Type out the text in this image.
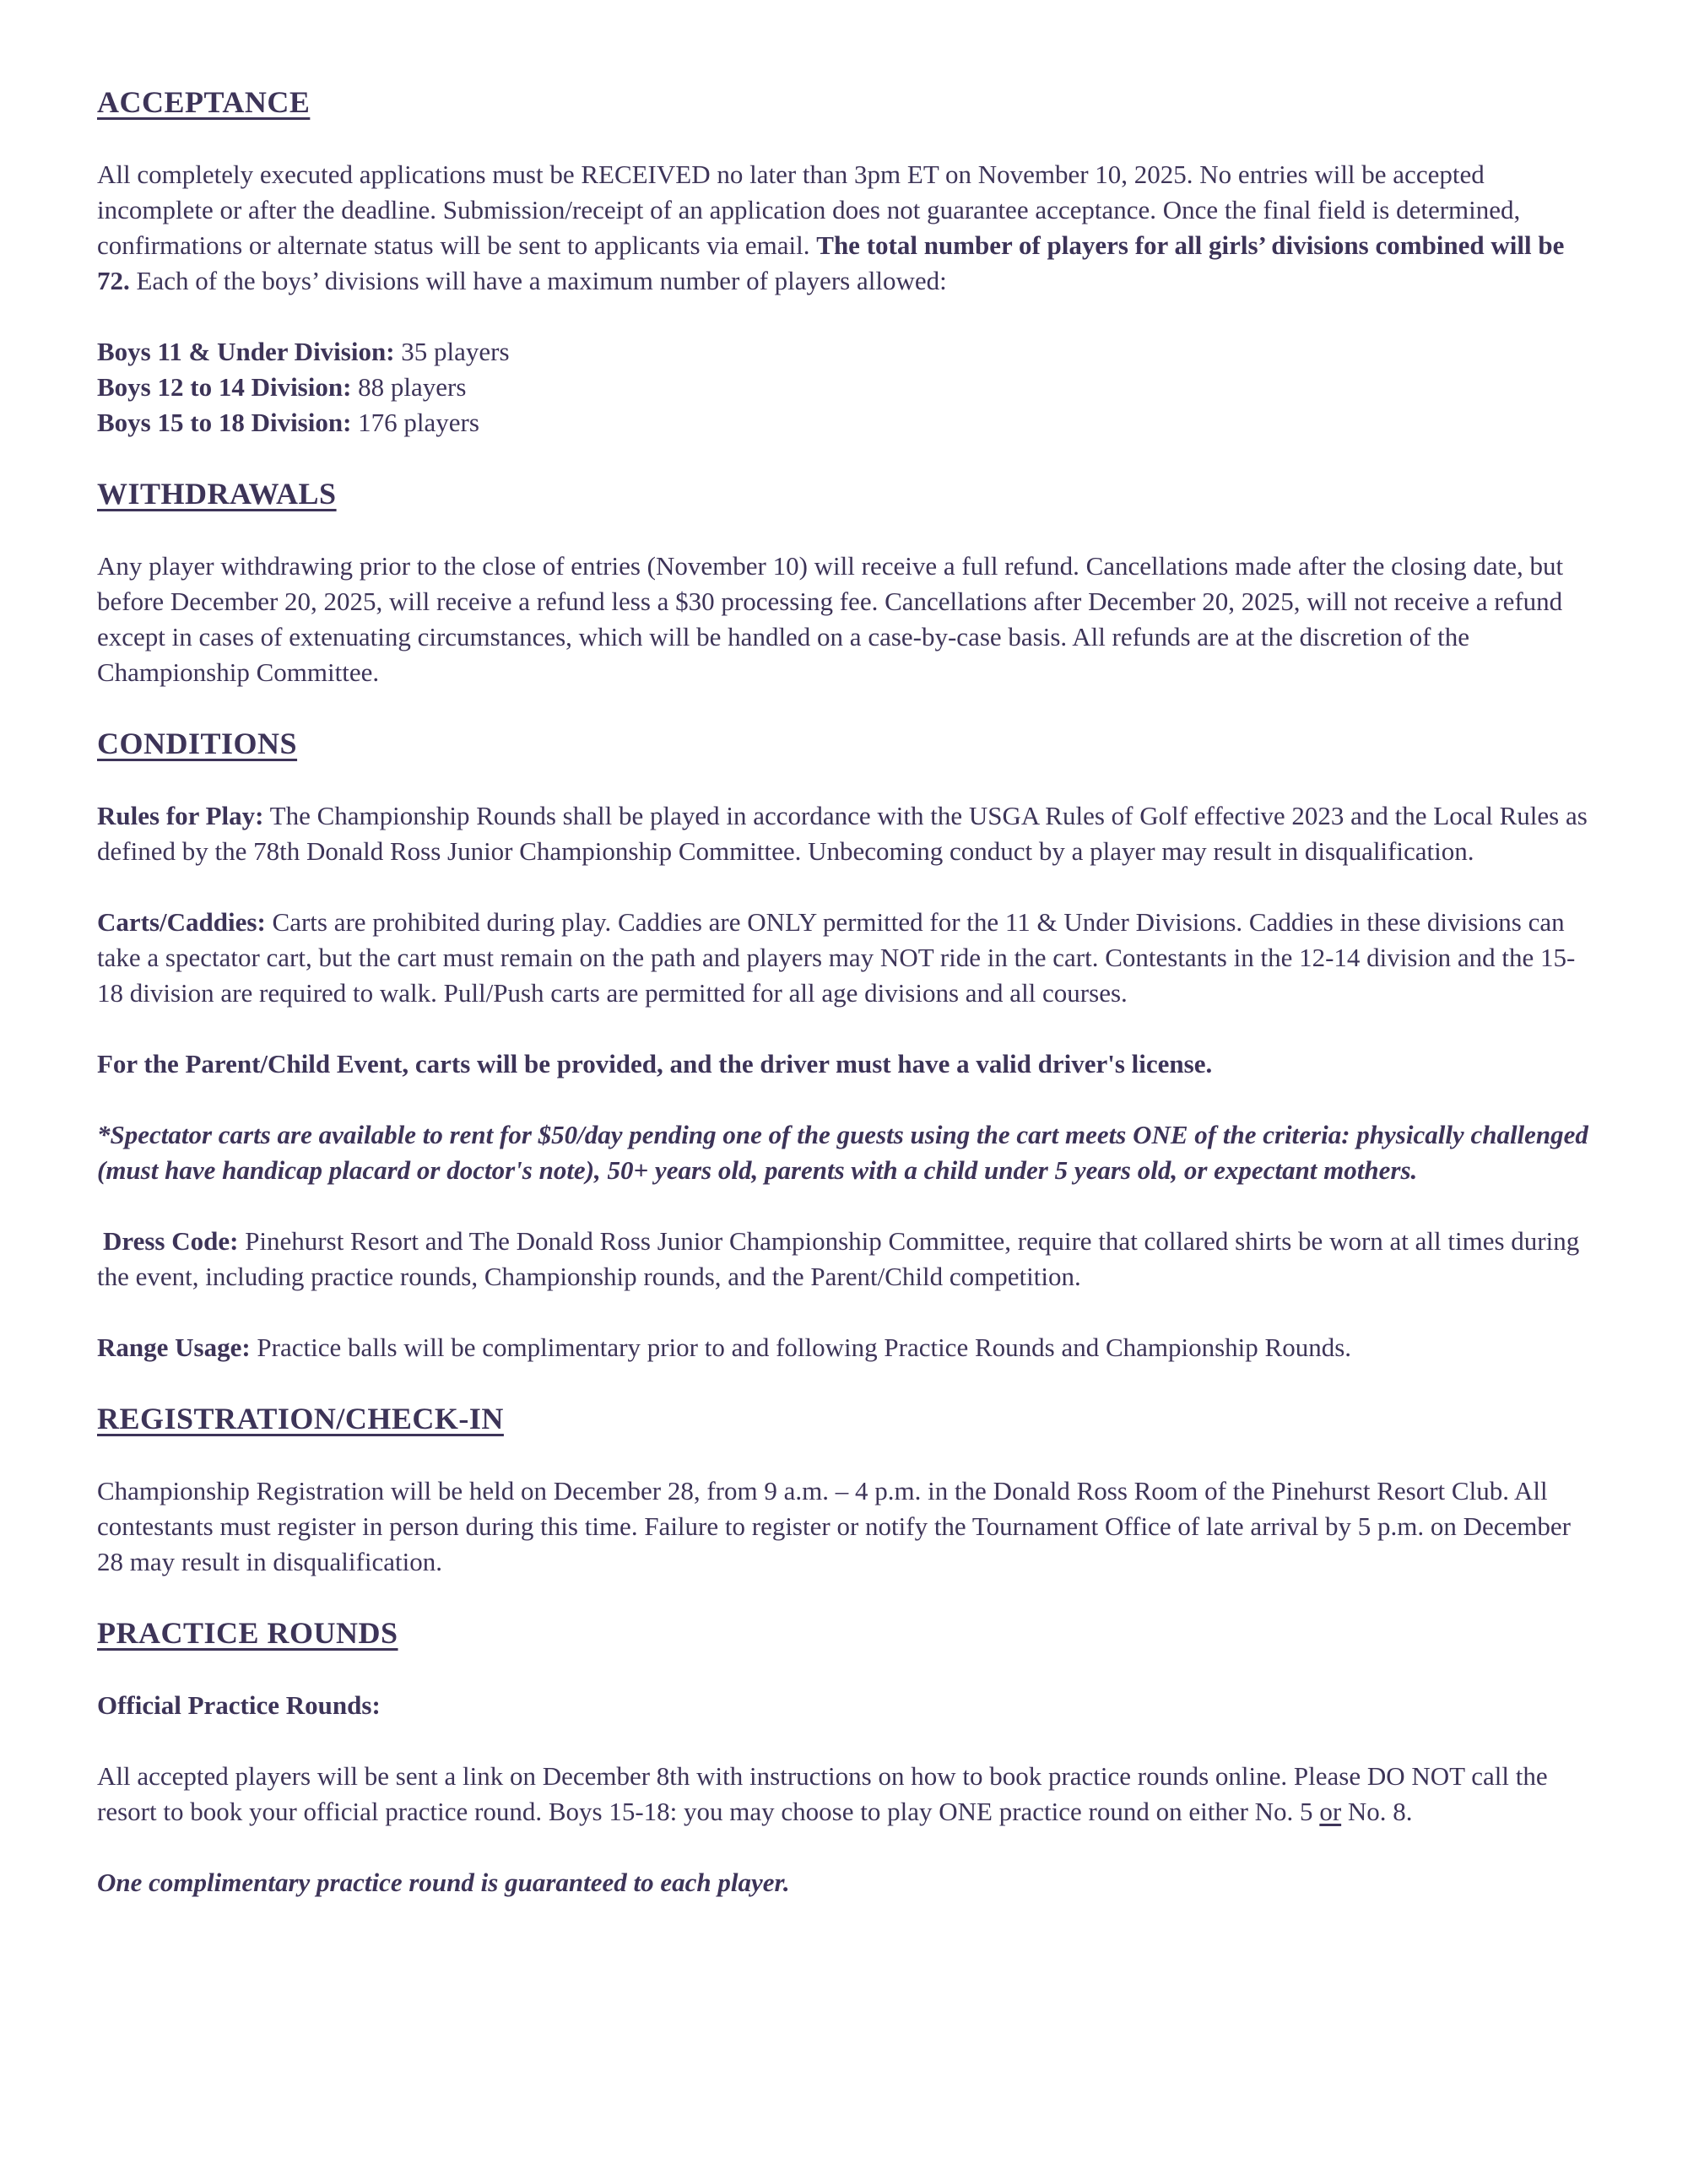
ACCEPTANCE

All completely executed applications must be RECEIVED no later than 3pm ET on November 10, 2025. No entries will be accepted incomplete or after the deadline. Submission/receipt of an application does not guarantee acceptance. Once the final field is determined, confirmations or alternate status will be sent to applicants via email. The total number of players for all girls’ divisions combined will be 72. Each of the boys’ divisions will have a maximum number of players allowed:

Boys 11 & Under Division: 35 players
Boys 12 to 14 Division: 88 players
Boys 15 to 18 Division: 176 players
WITHDRAWALS

Any player withdrawing prior to the close of entries (November 10) will receive a full refund. Cancellations made after the closing date, but before December 20, 2025, will receive a refund less a $30 processing fee. Cancellations after December 20, 2025, will not receive a refund except in cases of extenuating circumstances, which will be handled on a case-by-case basis. All refunds are at the discretion of the Championship Committee.

CONDITIONS

Rules for Play: The Championship Rounds shall be played in accordance with the USGA Rules of Golf effective 2023 and the Local Rules as defined by the 78th Donald Ross Junior Championship Committee. Unbecoming conduct by a player may result in disqualification.

Carts/Caddies: Carts are prohibited during play. Caddies are ONLY permitted for the 11 & Under Divisions. Caddies in these divisions can take a spectator cart, but the cart must remain on the path and players may NOT ride in the cart. Contestants in the 12-14 division and the 15-18 division are required to walk. Pull/Push carts are permitted for all age divisions and all courses.

For the Parent/Child Event, carts will be provided, and the driver must have a valid driver's license.

*Spectator carts are available to rent for $50/day pending one of the guests using the cart meets ONE of the criteria: physically challenged (must have handicap placard or doctor's note), 50+ years old, parents with a child under 5 years old, or expectant mothers.

Dress Code: Pinehurst Resort and The Donald Ross Junior Championship Committee, require that collared shirts be worn at all times during the event, including practice rounds, Championship rounds, and the Parent/Child competition.

Range Usage: Practice balls will be complimentary prior to and following Practice Rounds and Championship Rounds.

REGISTRATION/CHECK-IN

Championship Registration will be held on December 28, from 9 a.m. – 4 p.m. in the Donald Ross Room of the Pinehurst Resort Club. All contestants must register in person during this time. Failure to register or notify the Tournament Office of late arrival by 5 p.m. on December 28 may result in disqualification.

PRACTICE ROUNDS

Official Practice Rounds:

All accepted players will be sent a link on December 8th with instructions on how to book practice rounds online. Please DO NOT call the resort to book your official practice round. Boys 15-18: you may choose to play ONE practice round on either No. 5 or No. 8.

One complimentary practice round is guaranteed to each player.
